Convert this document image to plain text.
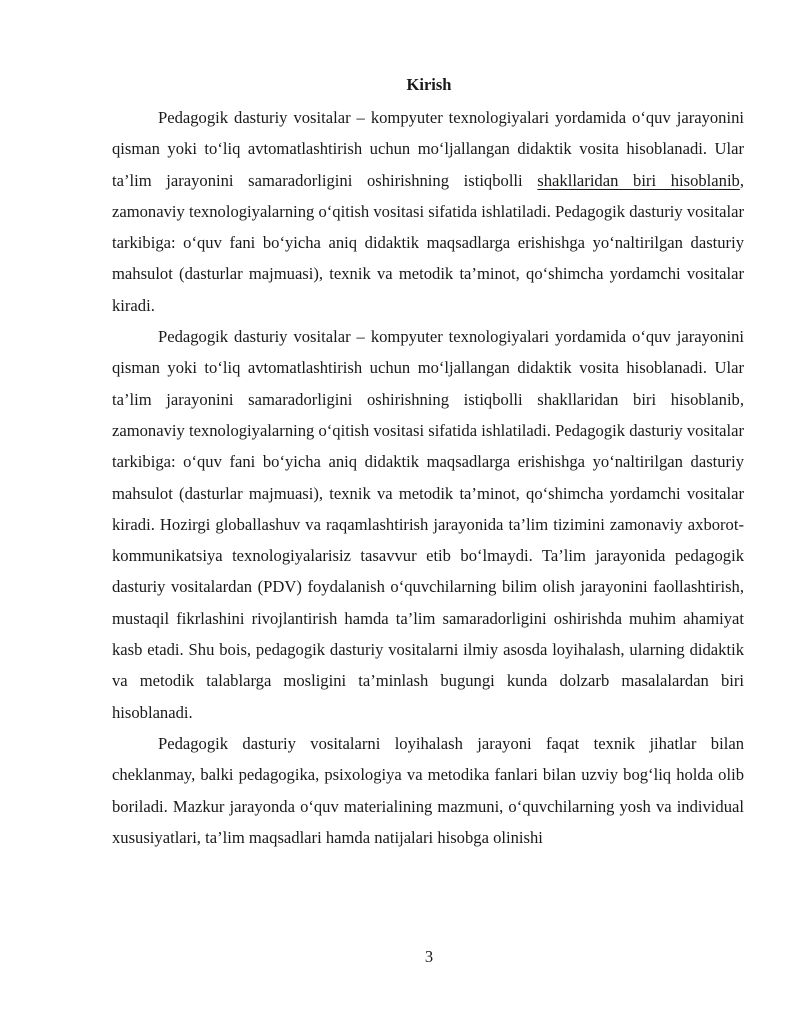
Kirish

Pedagogik dasturiy vositalar – kompyuter texnologiyalari yordamida o‘quv jarayonini qisman yoki to‘liq avtomatlashtirish uchun mo‘ljallangan didaktik vosita hisoblanadi. Ular ta’lim jarayonini samaradorligini oshirishning istiqbolli shakllaridan biri hisoblanib, zamonaviy texnologiyalarning o‘qitish vositasi sifatida ishlatiladi. Pedagogik dasturiy vositalar tarkibiga: o‘quv fani bo‘yicha aniq didaktik maqsadlarga erishishga yo‘naltirilgan dasturiy mahsulot (dasturlar majmuasi), texnik va metodik ta’minot, qo‘shimcha yordamchi vositalar kiradi.

Pedagogik dasturiy vositalar – kompyuter texnologiyalari yordamida o‘quv jarayonini qisman yoki to‘liq avtomatlashtirish uchun mo‘ljallangan didaktik vosita hisoblanadi. Ular ta’lim jarayonini samaradorligini oshirishning istiqbolli shakllaridan biri hisoblanib, zamonaviy texnologiyalarning o‘qitish vositasi sifatida ishlatiladi. Pedagogik dasturiy vositalar tarkibiga: o‘quv fani bo‘yicha aniq didaktik maqsadlarga erishishga yo‘naltirilgan dasturiy mahsulot (dasturlar majmuasi), texnik va metodik ta’minot, qo‘shimcha yordamchi vositalar kiradi. Hozirgi globallashuv va raqamlashtirish jarayonida ta’lim tizimini zamonaviy axborot-kommunikatsiya texnologiyalarisiz tasavvur etib bo‘lmaydi. Ta’lim jarayonida pedagogik dasturiy vositalardan (PDV) foydalanish o‘quvchilarning bilim olish jarayonini faollashtirish, mustaqil fikrlashini rivojlantirish hamda ta’lim samaradorligini oshirishda muhim ahamiyat kasb etadi. Shu bois, pedagogik dasturiy vositalarni ilmiy asosda loyihalash, ularning didaktik va metodik talablarga mosligini ta’minlash bugungi kunda dolzarb masalalardan biri hisoblanadi.

Pedagogik dasturiy vositalarni loyihalash jarayoni faqat texnik jihatlar bilan cheklanmay, balki pedagogika, psixologiya va metodika fanlari bilan uzviy bog‘liq holda olib boriladi. Mazkur jarayonda o‘quv materialining mazmuni, o‘quvchilarning yosh va individual xususiyatlari, ta’lim maqsadlari hamda natijalari hisobga olinishi

3
